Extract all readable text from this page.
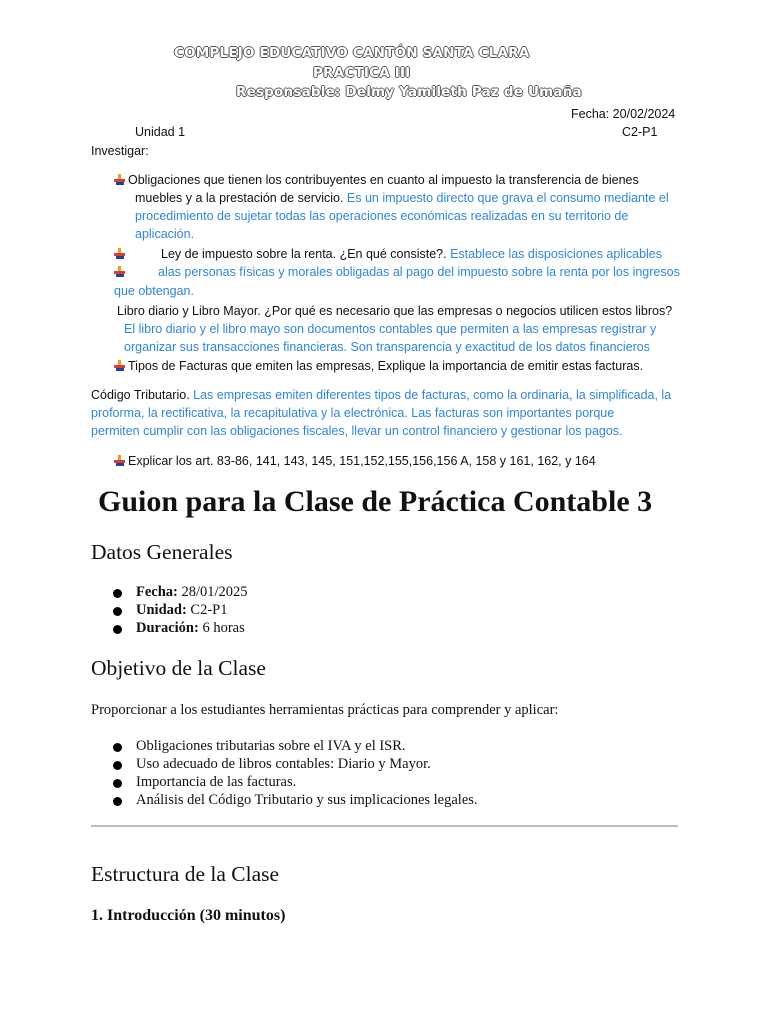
COMPLEJO EDUCATIVO CANTÓN SANTA CLARA
PRACTICA III
Responsable: Delmy Yamileth Paz de Umaña
Fecha: 20/02/2024
Unidad 1	C2-P1
Investigar:
Obligaciones que tienen los contribuyentes en cuanto al impuesto la transferencia de bienes
muebles y a la prestación de servicio. Es un impuesto directo que grava el consumo mediante el
procedimiento de sujetar todas las operaciones económicas realizadas en su territorio de
aplicación.
Ley de impuesto sobre la renta. ¿En qué consiste?. Establece las disposiciones aplicables
alas personas físicas y morales obligadas al pago del impuesto sobre la renta por los ingresos
que obtengan.
Libro diario y Libro Mayor. ¿Por qué es necesario que las empresas o negocios utilicen estos libros?
El libro diario y el libro mayo son documentos contables que permiten a las empresas registrar y
organizar sus transacciones financieras. Son transparencia y exactitud de los datos financieros
Tipos de Facturas que emiten las empresas, Explique la importancia de emitir estas facturas.
Código Tributario. Las empresas emiten diferentes tipos de facturas, como la ordinaria, la simplificada, la
proforma, la rectificativa, la recapitulativa y la electrónica. Las facturas son importantes porque
permiten cumplir con las obligaciones fiscales, llevar un control financiero y gestionar los pagos.
Explicar los art. 83-86, 141, 143, 145, 151,152,155,156,156 A, 158 y 161, 162, y 164
Guion para la Clase de Práctica Contable 3
Datos Generales
Fecha: 28/01/2025
Unidad: C2-P1
Duración: 6 horas
Objetivo de la Clase
Proporcionar a los estudiantes herramientas prácticas para comprender y aplicar:
Obligaciones tributarias sobre el IVA y el ISR.
Uso adecuado de libros contables: Diario y Mayor.
Importancia de las facturas.
Análisis del Código Tributario y sus implicaciones legales.
Estructura de la Clase
1. Introducción (30 minutos)
